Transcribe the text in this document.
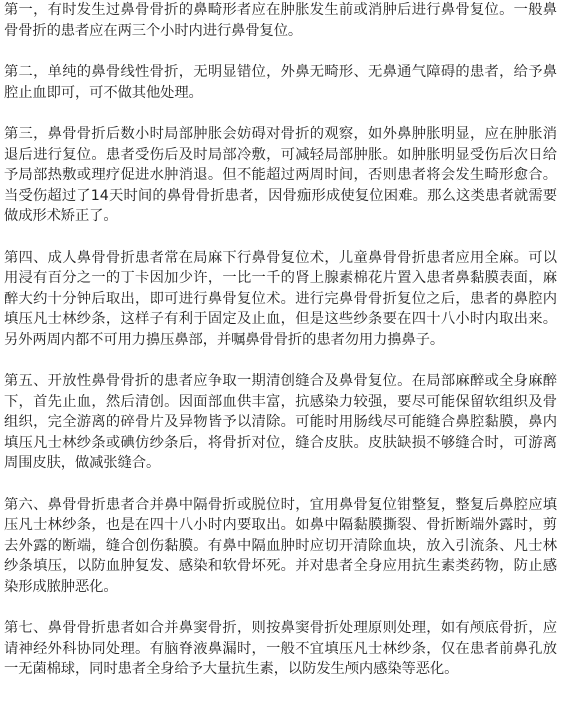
第一，有时发生过鼻骨骨折的鼻畸形者应在肿胀发生前或消肿后进行鼻骨复位。一般鼻骨骨折的患者应在两三个小时内进行鼻骨复位。

第二，单纯的鼻骨线性骨折，无明显错位，外鼻无畸形、无鼻通气障碍的患者，给予鼻腔止血即可，可不做其他处理。

第三，鼻骨骨折后数小时局部肿胀会妨碍对骨折的观察，如外鼻肿胀明显，应在肿胀消退后进行复位。患者受伤后及时局部冷敷，可减轻局部肿胀。如肿胀明显受伤后次日给予局部热敷或理疗促进水肿消退。但不能超过两周时间，否则患者将会发生畸形愈合。当受伤超过了14天时间的鼻骨骨折患者，因骨痂形成使复位困难。那么这类患者就需要做成形术矫正了。

第四、成人鼻骨骨折患者常在局麻下行鼻骨复位术，儿童鼻骨骨折患者应用全麻。可以用浸有百分之一的丁卡因加少许，一比一千的肾上腺素棉花片置入患者鼻黏膜表面，麻醉大约十分钟后取出，即可进行鼻骨复位术。进行完鼻骨骨折复位之后，患者的鼻腔内填压凡士林纱条，这样子有利于固定及止血，但是这些纱条要在四十八小时内取出来。另外两周内都不可用力擤压鼻部，并嘱鼻骨骨折的患者勿用力擤鼻子。

第五、开放性鼻骨骨折的患者应争取一期清创缝合及鼻骨复位。在局部麻醉或全身麻醉下，首先止血，然后清创。因面部血供丰富，抗感染力较强，要尽可能保留软组织及骨组织，完全游离的碎骨片及异物皆予以清除。可能时用肠线尽可能缝合鼻腔黏膜，鼻内填压凡士林纱条或碘仿纱条后，将骨折对位，缝合皮肤。皮肤缺损不够缝合时，可游离周围皮肤，做减张缝合。

第六、鼻骨骨折患者合并鼻中隔骨折或脱位时，宜用鼻骨复位钳整复，整复后鼻腔应填压凡士林纱条，也是在四十八小时内要取出。如鼻中隔黏膜撕裂、骨折断端外露时，剪去外露的断端，缝合创伤黏膜。有鼻中隔血肿时应切开清除血块，放入引流条、凡士林纱条填压，以防血肿复发、感染和软骨坏死。并对患者全身应用抗生素类药物，防止感染形成脓肿恶化。

第七、鼻骨骨折患者如合并鼻窦骨折，则按鼻窦骨折处理原则处理，如有颅底骨折，应请神经外科协同处理。有脑脊液鼻漏时，一般不宜填压凡士林纱条，仅在患者前鼻孔放一无菌棉球，同时患者全身给予大量抗生素，以防发生颅内感染等恶化。
